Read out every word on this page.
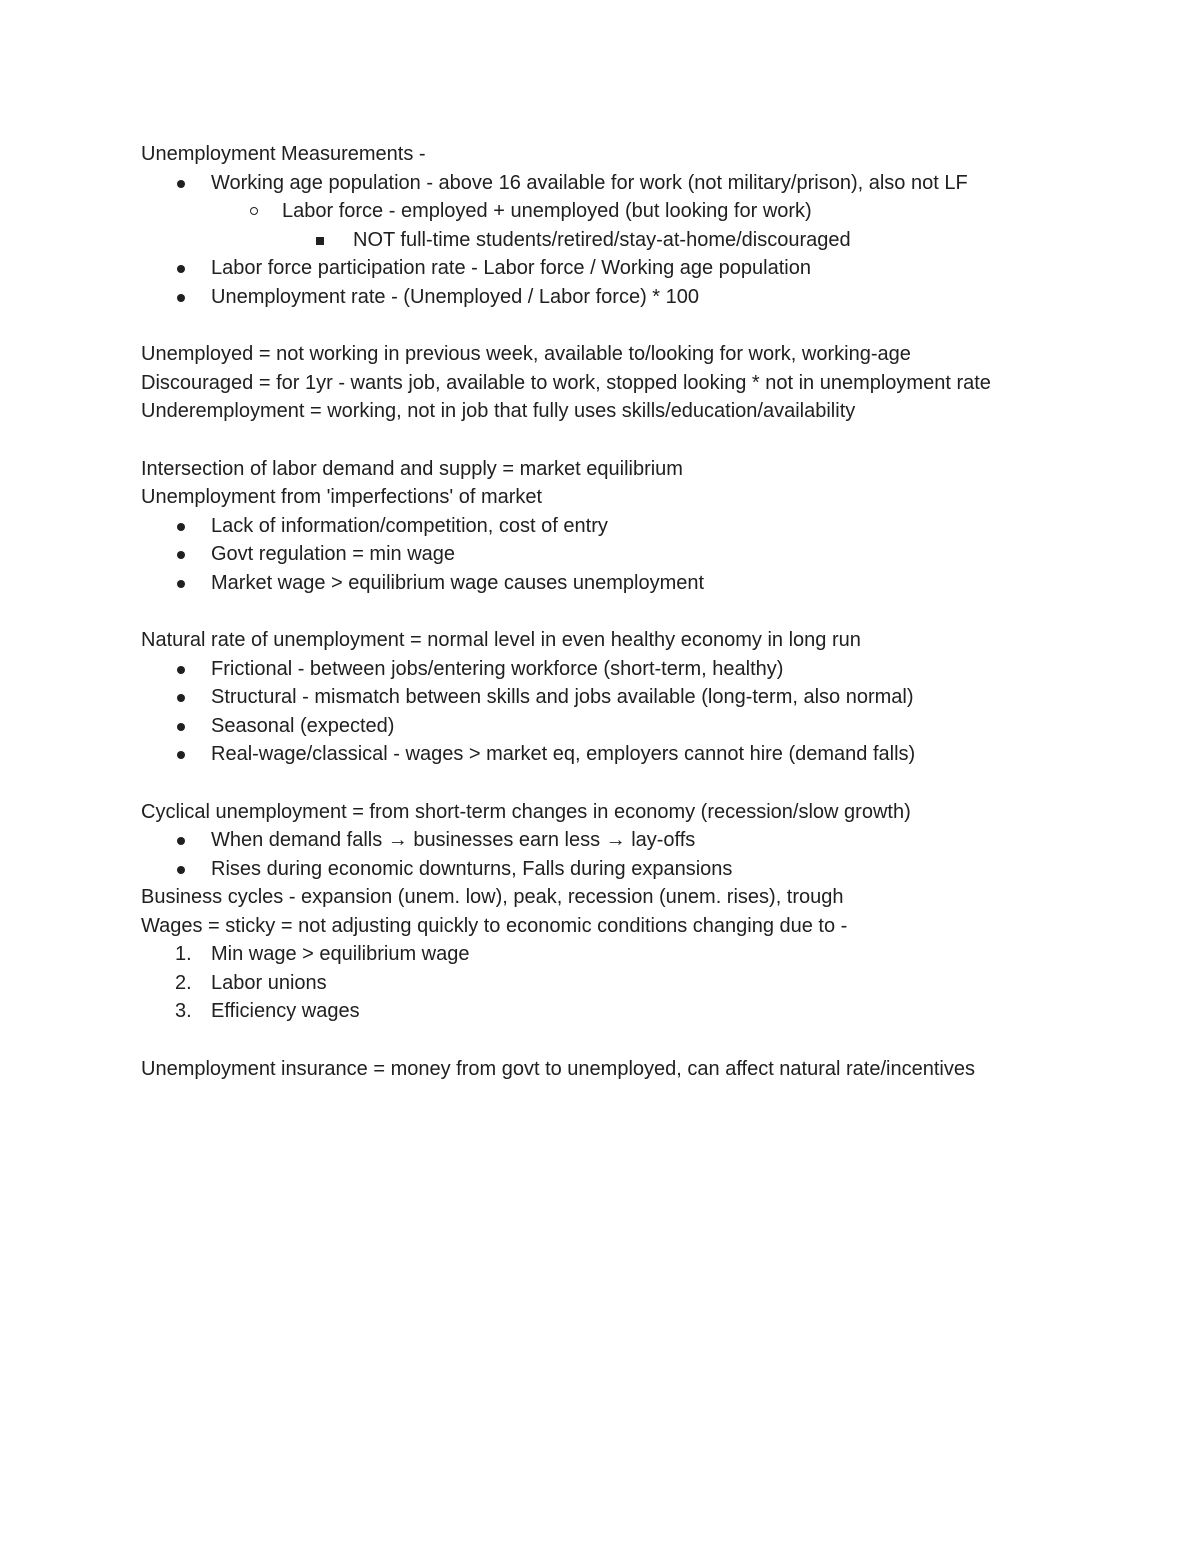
Unemployment Measurements -
Working age population - above 16 available for work (not military/prison), also not LF
Labor force - employed + unemployed (but looking for work)
NOT full-time students/retired/stay-at-home/discouraged
Labor force participation rate - Labor force / Working age population
Unemployment rate - (Unemployed / Labor force) * 100
Unemployed = not working in previous week, available to/looking for work, working-age
Discouraged = for 1yr - wants job, available to work, stopped looking * not in unemployment rate
Underemployment = working, not in job that fully uses skills/education/availability
Intersection of labor demand and supply = market equilibrium
Unemployment from 'imperfections' of market
Lack of information/competition, cost of entry
Govt regulation = min wage
Market wage > equilibrium wage causes unemployment
Natural rate of unemployment = normal level in even healthy economy in long run
Frictional - between jobs/entering workforce (short-term, healthy)
Structural - mismatch between skills and jobs available (long-term, also normal)
Seasonal (expected)
Real-wage/classical - wages > market eq, employers cannot hire (demand falls)
Cyclical unemployment = from short-term changes in economy (recession/slow growth)
When demand falls → businesses earn less → lay-offs
Rises during economic downturns, Falls during expansions
Business cycles - expansion (unem. low), peak, recession (unem. rises), trough
Wages = sticky = not adjusting quickly to economic conditions changing due to -
1. Min wage > equilibrium wage
2. Labor unions
3. Efficiency wages
Unemployment insurance = money from govt to unemployed, can affect natural rate/incentives
